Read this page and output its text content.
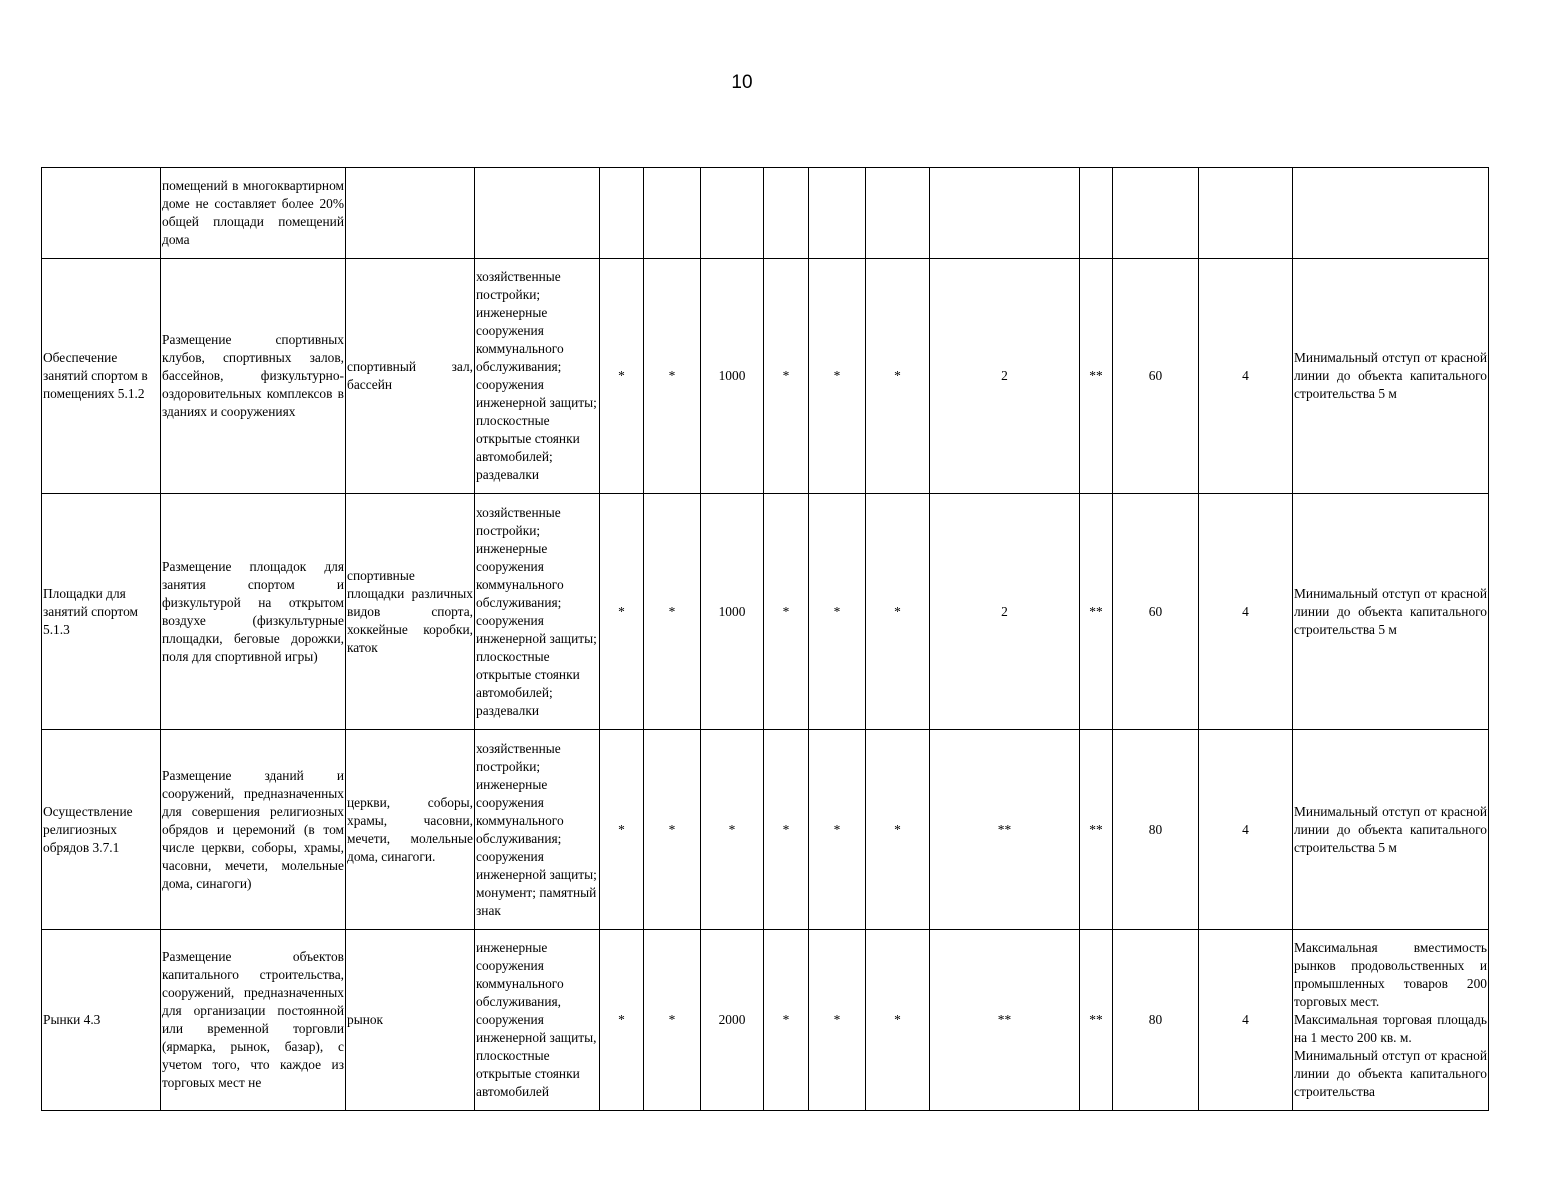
10
	помещений в многоквартирном доме не составляет более 20% общей площади помещений дома													
Обеспечение занятий спортом в помещениях 5.1.2	Размещение спортивных клубов, спортивных залов, бассейнов, физкультурно-оздоровительных комплексов в зданиях и сооружениях	спортивный зал, бассейн	хозяйственные постройки; инженерные сооружения коммунального обслуживания; сооружения инженерной защиты; плоскостные открытые стоянки автомобилей; раздевалки	*	*	1000	*	*	*	2	**	60	4	Минимальный отступ от красной линии до объекта капитального строительства 5 м
Площадки для занятий спортом 5.1.3	Размещение площадок для занятия спортом и физкультурой на открытом воздухе (физкультурные площадки, беговые дорожки, поля для спортивной игры)	спортивные площадки различных видов спорта, хоккейные коробки, каток	хозяйственные постройки; инженерные сооружения коммунального обслуживания; сооружения инженерной защиты; плоскостные открытые стоянки автомобилей; раздевалки	*	*	1000	*	*	*	2	**	60	4	Минимальный отступ от красной линии до объекта капитального строительства 5 м
Осуществление религиозных обрядов 3.7.1	Размещение зданий и сооружений, предназначенных для совершения религиозных обрядов и церемоний (в том числе церкви, соборы, храмы, часовни, мечети, молельные дома, синагоги)	церкви, соборы, храмы, часовни, мечети, молельные дома, синагоги.	хозяйственные постройки; инженерные сооружения коммунального обслуживания; сооружения инженерной защиты; монумент; памятный знак	*	*	*	*	*	*	**	**	80	4	Минимальный отступ от красной линии до объекта капитального строительства 5 м
Рынки 4.3	Размещение объектов капитального строительства, сооружений, предназначенных для организации постоянной или временной торговли (ярмарка, рынок, базар), с учетом того, что каждое из торговых мест не	рынок	инженерные сооружения коммунального обслуживания, сооружения инженерной защиты, плоскостные открытые стоянки автомобилей	*	*	2000	*	*	*	**	**	80	4	Максимальная вместимость рынков продовольственных и промышленных товаров 200 торговых мест.
Максимальная торговая площадь на 1 место 200 кв. м.
Минимальный отступ от красной линии до объекта капитального строительства
